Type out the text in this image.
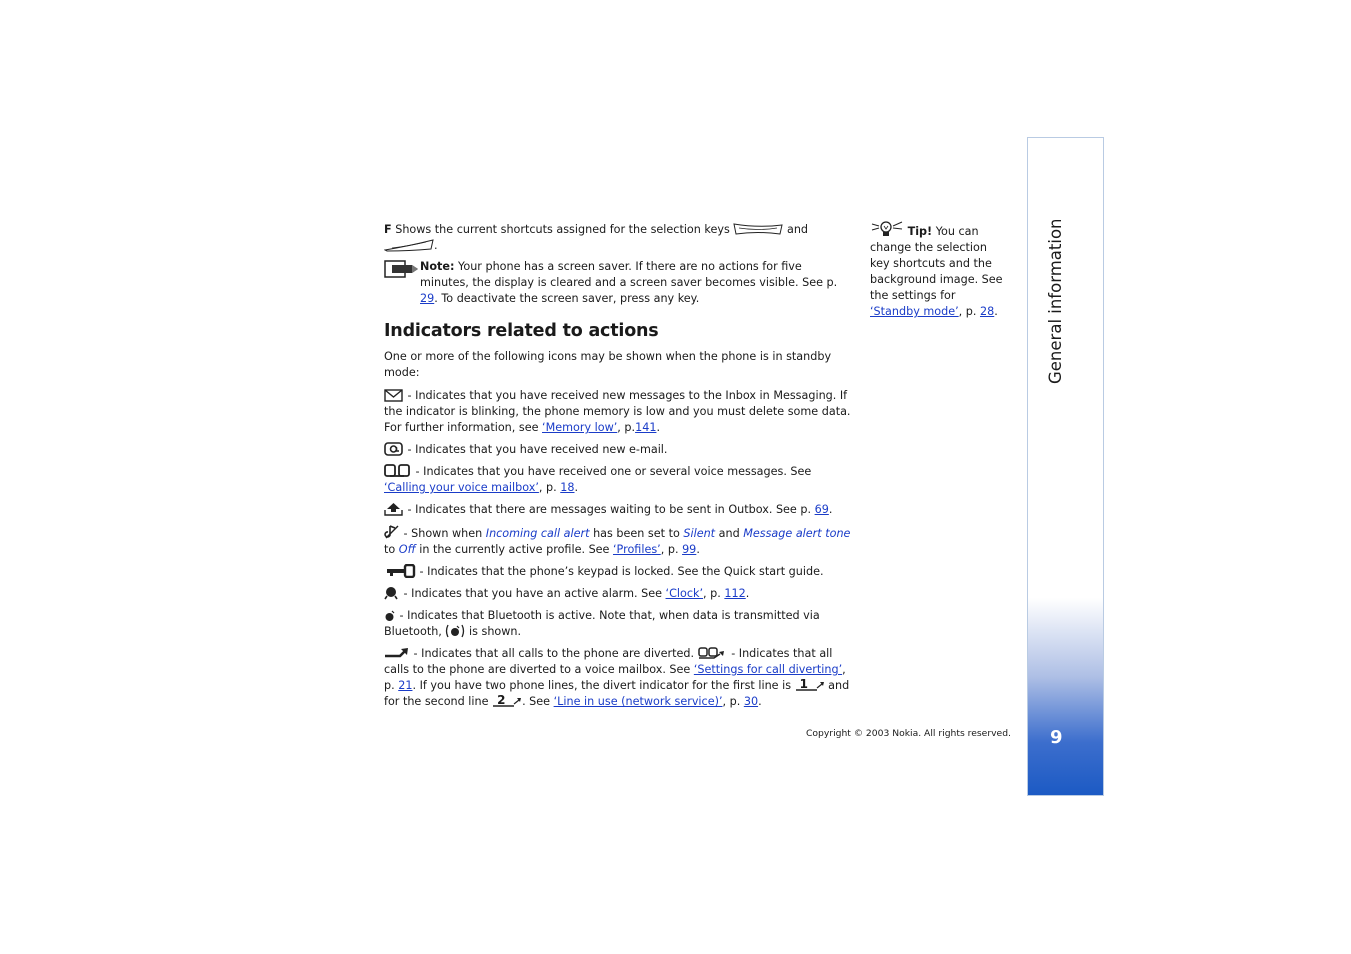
F Shows the current shortcuts assigned for the selection keys	and .

Note: Your phone has a screen saver. If there are no actions for five minutes, the display is cleared and a screen saver becomes visible. See p. 29. To deactivate the screen saver, press any key.
Indicators related to actions

One or more of the following icons may be shown when the phone is in standby mode:

- Indicates that you have received new messages to the Inbox in Messaging. If the indicator is blinking, the phone memory is low and you must delete some data. For further information, see ‘Memory low’, p.141.

- Indicates that you have received new e-mail.

- Indicates that you have received one or several voice messages. See ‘Calling your voice mailbox’, p. 18.

- Indicates that there are messages waiting to be sent in Outbox. See p. 69.

- Shown when Incoming call alert has been set to Silent and Message alert tone to Off in the currently active profile. See ‘Profiles’, p. 99.

- Indicates that the phone’s keypad is locked. See the Quick start guide.

- Indicates that you have an active alarm. See ‘Clock’, p. 112.

- Indicates that Bluetooth is active. Note that, when data is transmitted via Bluetooth,  is shown.

- Indicates that all calls to the phone are diverted.	- Indicates that all calls to the phone are diverted to a voice mailbox. See ‘Settings for call diverting’, p. 21. If you have two phone lines, the divert indicator for the first line is 1 and for the second line 2 . See ‘Line in use (network service)’, p. 30.

Tip! You can change the selection key shortcuts and the background image. See the settings for ‘Standby mode’, p. 28.
Copyright © 2003 Nokia. All rights reserved.
General information
9
